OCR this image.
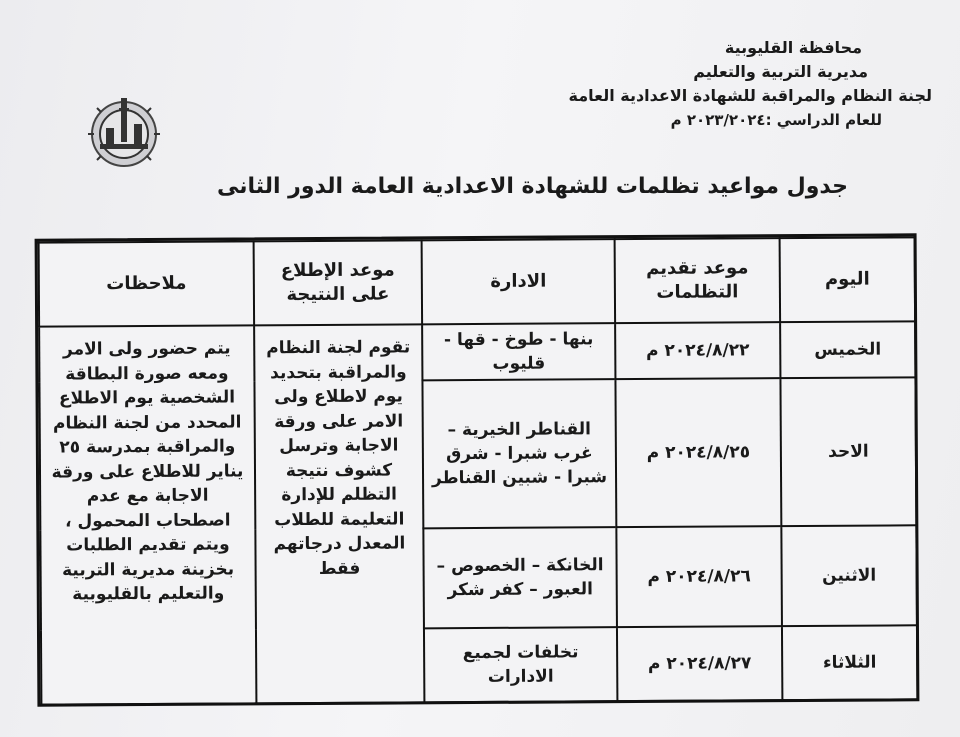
محافظة القليوبية
مديرية التربية والتعليم
لجنة النظام والمراقبة للشهادة الاعدادية العامة
للعام الدراسي :٢٠٢٣/٢٠٢٤ م
جدول مواعيد تظلمات للشهادة الاعدادية العامة الدور الثانى
اليوم	موعد تقديم التظلمات	الادارة	موعد الإطلاع على النتيجة	ملاحظات
الخميس	٢٠٢٤/٨/٢٢ م	بنها - طوخ - قها - قليوب	تقوم لجنة النظام والمراقبة بتحديد يوم لاطلاع ولى الامر على ورقة الاجابة وترسل كشوف نتيجة التظلم للإدارة التعليمة للطلاب المعدل درجاتهم فقط	يتم حضور ولى الامر ومعه صورة البطاقة الشخصية يوم الاطلاع المحدد من لجنة النظام والمراقبة بمدرسة ٢٥ يناير للاطلاع على ورقة الاجابة مع عدم اصطحاب المحمول ، ويتم تقديم الطلبات بخزينة مديرية التربية والتعليم بالقليوبية
الاحد	٢٠٢٤/٨/٢٥ م	القناطر الخيرية – غرب شبرا - شرق شبرا - شبين القناطر		
الاثنين	٢٠٢٤/٨/٢٦ م	الخانكة – الخصوص – العبور – كفر شكر		
الثلاثاء	٢٠٢٤/٨/٢٧ م	تخلفات لجميع الادارات		
